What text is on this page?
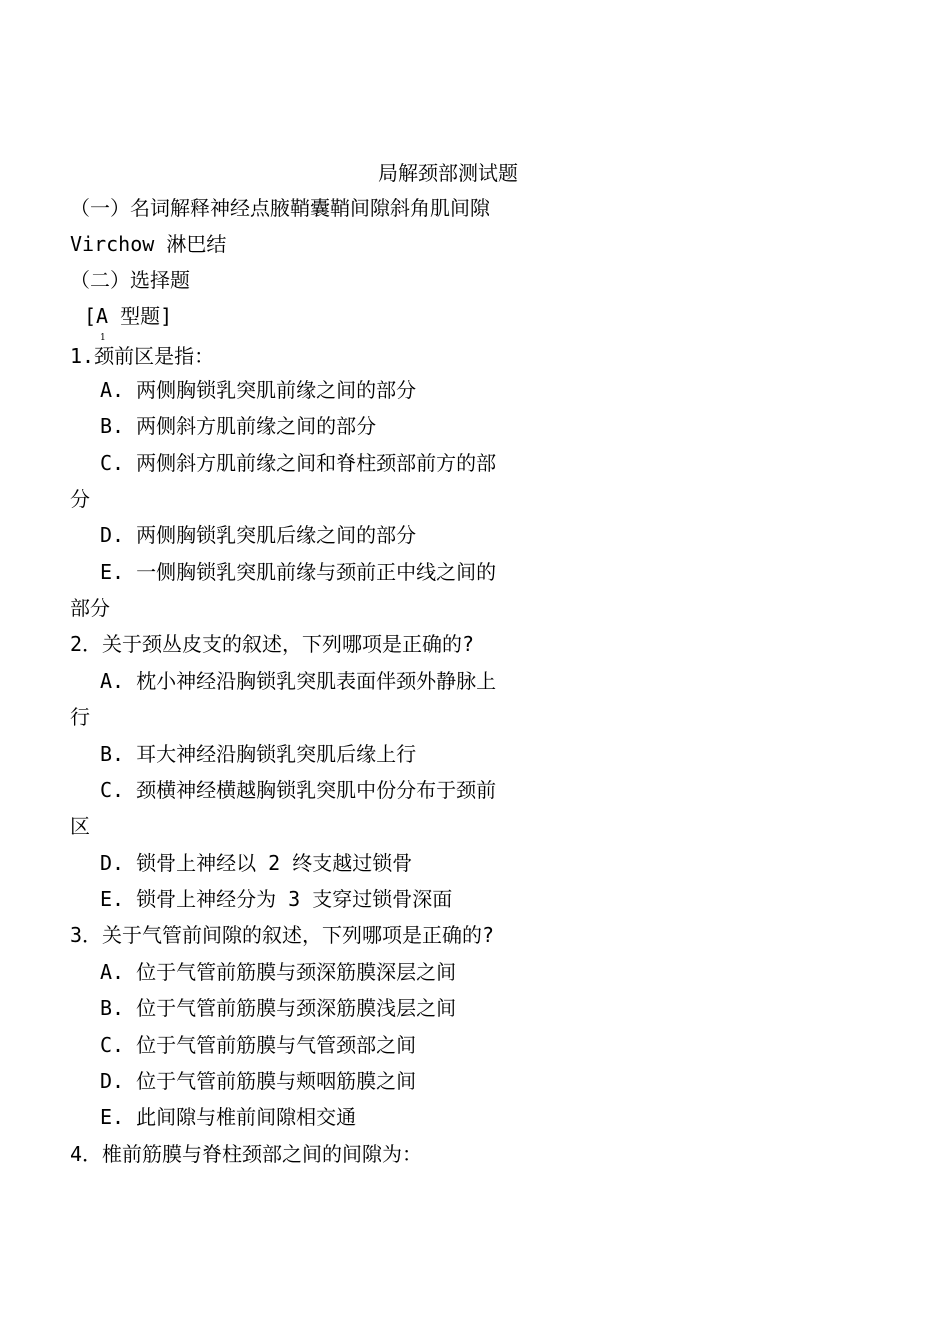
局解颈部测试题
（一）名词解释神经点腋鞘囊鞘间隙斜角肌间隙
Virchow 淋巴结
（二）选择题
[A 型题]
1
1.颈前区是指：
A. 两侧胸锁乳突肌前缘之间的部分
B. 两侧斜方肌前缘之间的部分
C. 两侧斜方肌前缘之间和脊柱颈部前方的部
分
D. 两侧胸锁乳突肌后缘之间的部分
E. 一侧胸锁乳突肌前缘与颈前正中线之间的
部分
2．关于颈丛皮支的叙述，下列哪项是正确的?
A. 枕小神经沿胸锁乳突肌表面伴颈外静脉上
行
B. 耳大神经沿胸锁乳突肌后缘上行
C. 颈横神经横越胸锁乳突肌中份分布于颈前
区
D. 锁骨上神经以 2 终支越过锁骨
E. 锁骨上神经分为 3 支穿过锁骨深面
3．关于气管前间隙的叙述，下列哪项是正确的?
A. 位于气管前筋膜与颈深筋膜深层之间
B. 位于气管前筋膜与颈深筋膜浅层之间
C. 位于气管前筋膜与气管颈部之间
D. 位于气管前筋膜与颊咽筋膜之间
E. 此间隙与椎前间隙相交通
4．椎前筋膜与脊柱颈部之间的间隙为：
